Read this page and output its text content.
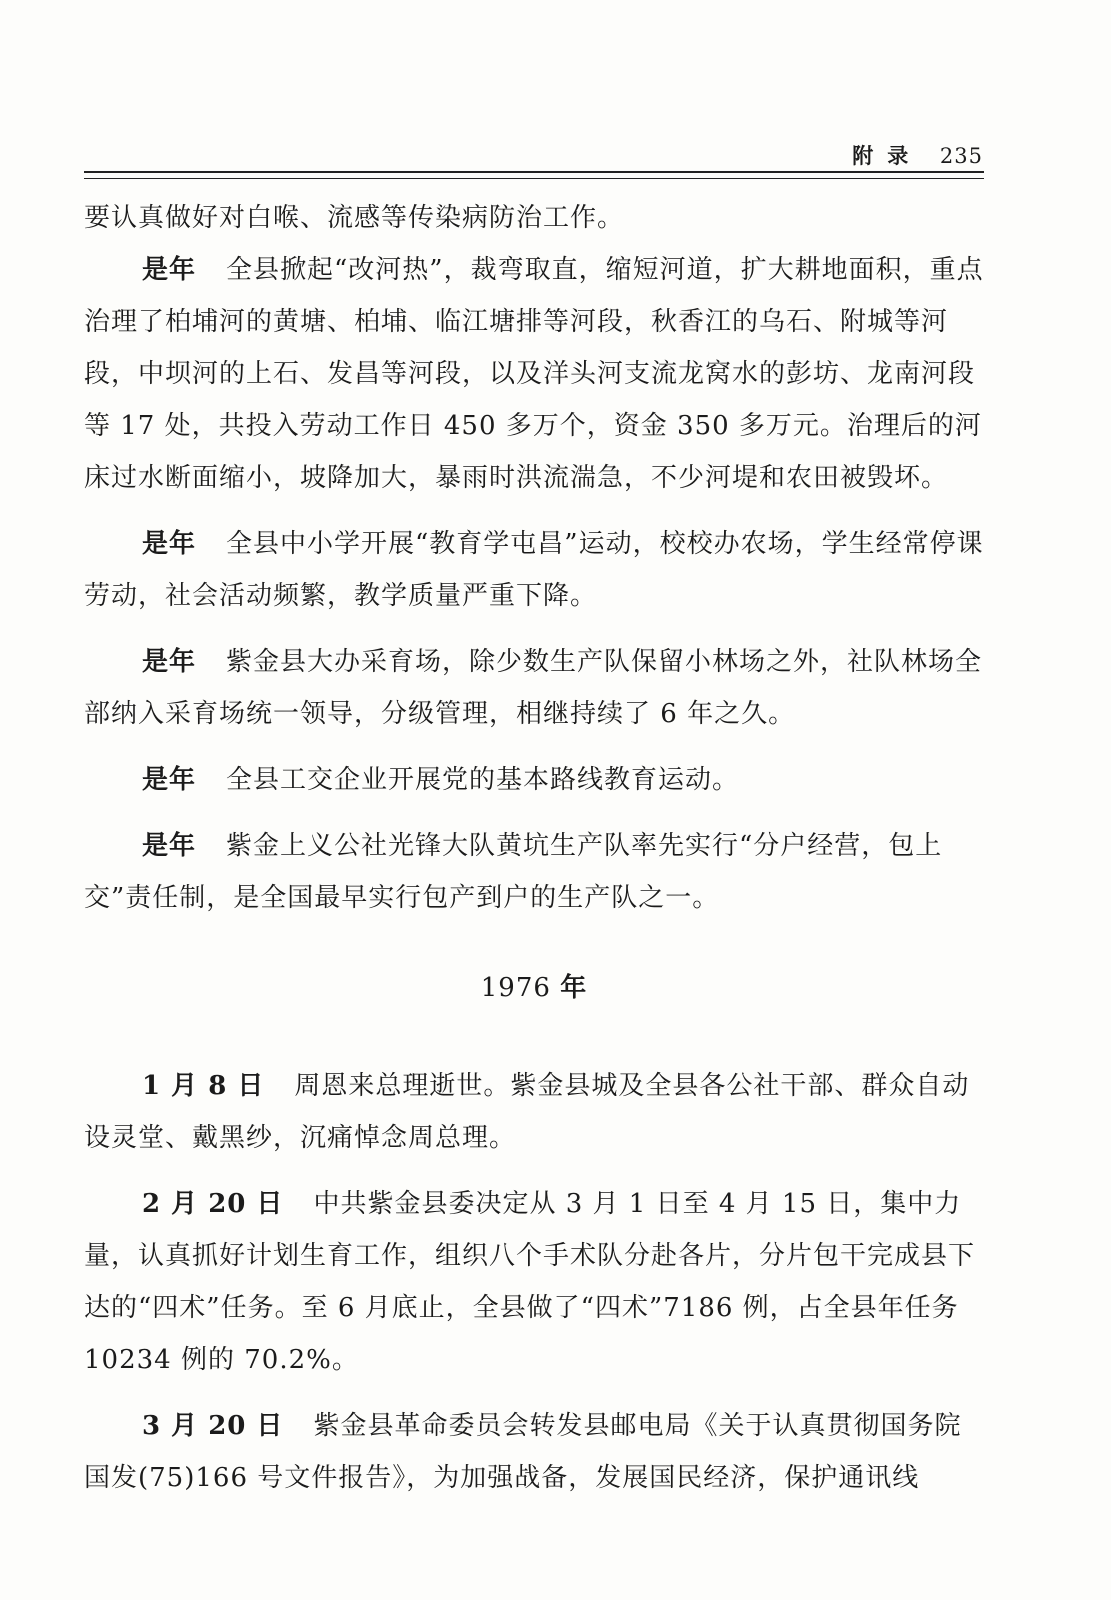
附录 235

要认真做好对白喉、流感等传染病防治工作。

是年 全县掀起“改河热”，裁弯取直，缩短河道，扩大耕地面积，重点治理了柏埔河的黄塘、柏埔、临江塘排等河段，秋香江的乌石、附城等河段，中坝河的上石、发昌等河段，以及洋头河支流龙窝水的彭坊、龙南河段等 17 处，共投入劳动工作日 450 多万个，资金 350 多万元。治理后的河床过水断面缩小，坡降加大，暴雨时洪流湍急，不少河堤和农田被毁坏。

是年 全县中小学开展“教育学屯昌”运动，校校办农场，学生经常停课劳动，社会活动频繁，教学质量严重下降。

是年 紫金县大办采育场，除少数生产队保留小林场之外，社队林场全部纳入采育场统一领导，分级管理，相继持续了 6 年之久。

是年 全县工交企业开展党的基本路线教育运动。

是年 紫金上义公社光锋大队黄坑生产队率先实行“分户经营，包上交”责任制，是全国最早实行包产到户的生产队之一。

1976 年

1 月 8 日 周恩来总理逝世。紫金县城及全县各公社干部、群众自动设灵堂、戴黑纱，沉痛悼念周总理。

2 月 20 日 中共紫金县委决定从 3 月 1 日至 4 月 15 日，集中力量，认真抓好计划生育工作，组织八个手术队分赴各片，分片包干完成县下达的“四术”任务。至 6 月底止，全县做了“四术”7186 例，占全县年任务 10234 例的 70.2%。

3 月 20 日 紫金县革命委员会转发县邮电局《关于认真贯彻国务院国发(75)166 号文件报告》，为加强战备，发展国民经济，保护通讯线
